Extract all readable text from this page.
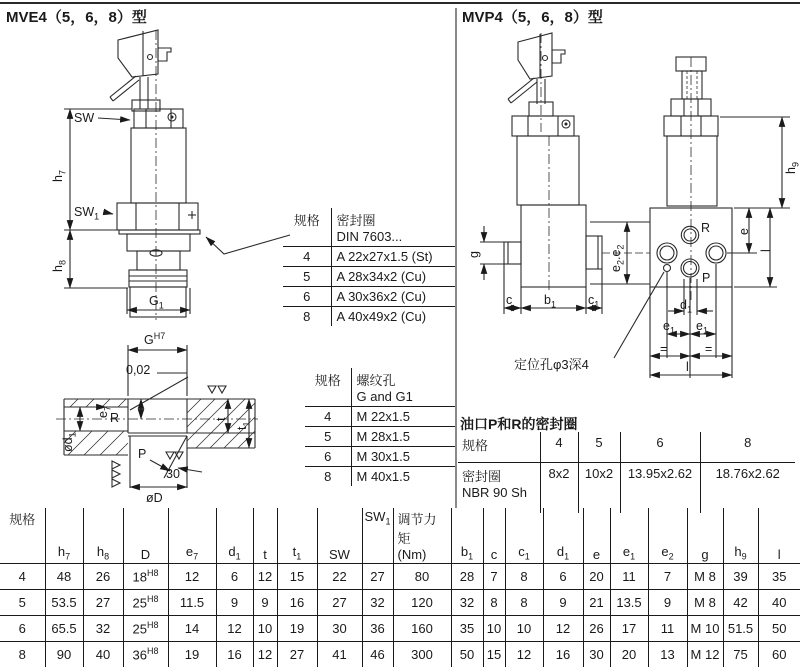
MVE4（5，6，8）型	MVP4（5，6，8）型
油口P和R的密封圈
定位孔φ3深4
SW
$h_7$
$SW_1$
$h_8$
$G_1$
$G^{H7}$
0,02
$e_7$
$ød_1$
R
P
30
øD
t
$t_1$
g
c	$b_1$	$c_1$
$e_2.e_2$
R
P
$h_9$
e
l
$d_1$
$e_1$ $e_1$
=	=
l
规格	密封圈
DIN 7603...
4	A 22x27x1.5 (St)
5	A 28x34x2 (Cu)
6	A 30x36x2 (Cu)
8	A 40x49x2 (Cu)
规格	螺纹孔
G and G1
4	M 22x1.5
5	M 28x1.5
6	M 30x1.5
8	M 40x1.5
规格	4	5	6	8
密封圈
NBR 90 Sh	8x2	10x2	13.95x2.62	18.76x2.62
规格	$h_7$	$h_8$	D	$e_7$	$d_1$	t	$t_1$	SW	$SW_1$	调节力矩
(Nm)	$b_1$	c	$c_1$	$d_1$	e	$e_1$	$e_2$	g	$h_9$	l
4	48	26	$18^{H8}$	12	6	12	15	22	27	80	28	7	8	6	20	11	7	M 8	39	35
5	53.5	27	$25^{H8}$	11.5	9	9	16	27	32	120	32	8	8	9	21	13.5	9	M 8	42	40
6	65.5	32	$25^{H8}$	14	12	10	19	30	36	160	35	10	10	12	26	17	11	M 10	51.5	50
8	90	40	$36^{H8}$	19	16	12	27	41	46	300	50	15	12	16	30	20	13	M 12	75	60
